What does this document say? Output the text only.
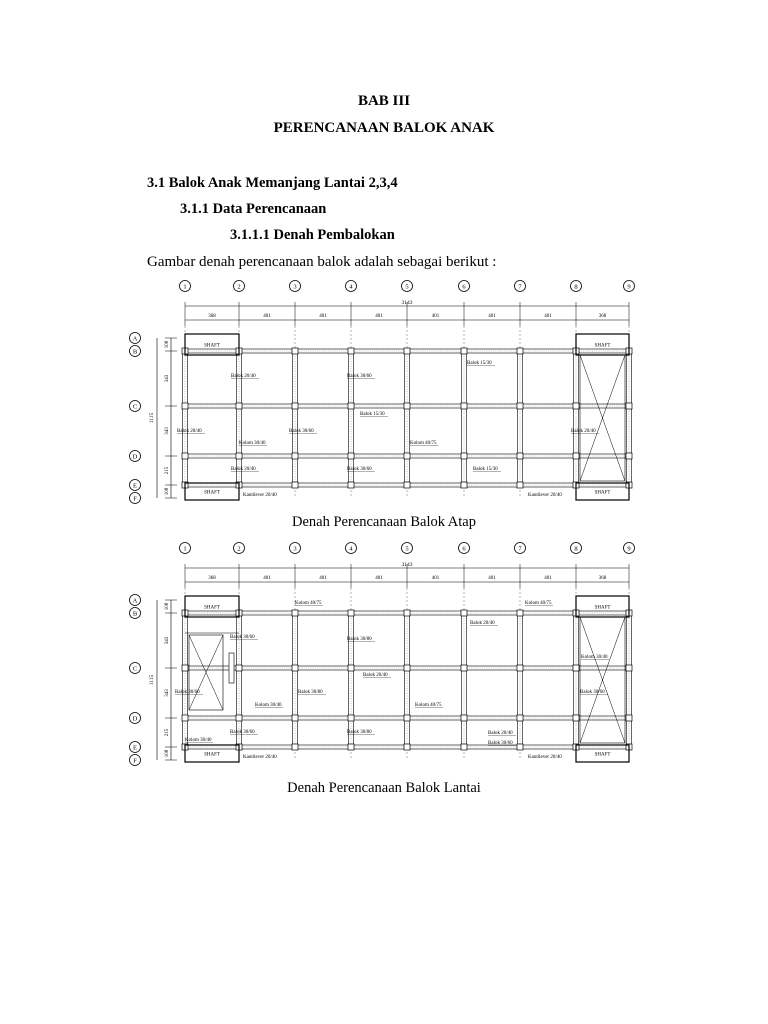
BAB III
PERENCANAAN BALOK ANAK
3.1 Balok Anak Memanjang Lantai 2,3,4
3.1.1 Data Perencanaan
3.1.1.1 Denah Pembalokan
Gambar denah perencanaan balok adalah sebagai berikut :
1	2	3	4	5	6	7	8	9
3143
368	401	401	401	401	401	401	368
A
B
C
D
E
F
1115
108
343
343
215
108
SHAFT	SHAFT
SHAFT	SHAFT
Balok 20/40	Balok 30/60
Balok 15/30
Balok 15/30
Balok 20/40	Balok 30/60	Balok 20/40
Kolom 30/40	Kolom 40/75
Balok 20/40	Balok 30/60	Balok 15/30
Kantilever 20/40	Kantilever 20/40
Denah Perencanaan Balok Atap
1	2	3	4	5	6	7	8	9
3143
368	401	401	401	401	401	401	368
A
B
C
D
E
F
1115
108
343
343
215
108
SHAFT	SHAFT
SHAFT	SHAFT
Kolom 40/75	Kolom 40/75
Balok 20/40
Balok 30/60	Balok 30/80
Kolom 30/40
Balok 20/40
Balok 30/60
Kolom 30/40
Balok 30/80
Kolom 40/75
Balok 30/60
Kolom 30/40
Balok 30/60	Balok 30/80	Balok 20/40
Balok 30/60
Kantilever 20/40	Kantilever 20/40
Denah Perencanaan Balok Lantai
